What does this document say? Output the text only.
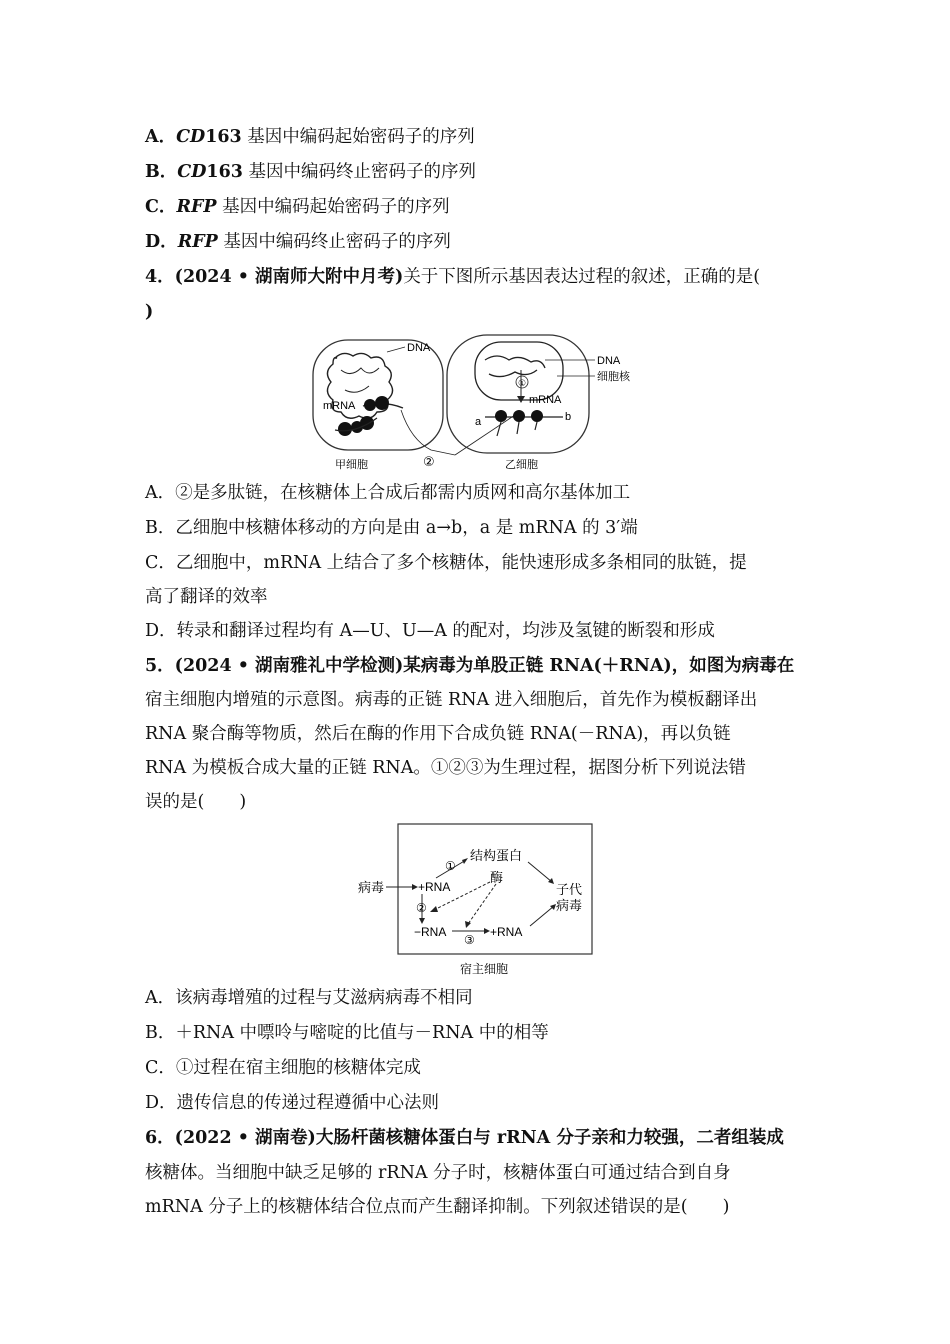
A．CD163 基因中编码起始密码子的序列
B．CD163 基因中编码终止密码子的序列
C．RFP 基因中编码起始密码子的序列
D．RFP 基因中编码终止密码子的序列
4．(2024 • 湖南师大附中月考)关于下图所示基因表达过程的叙述，正确的是(
)
DNA
mRNA
甲细胞	②
DNA
细胞核
①
mRNA
a	b
乙细胞
A．②是多肽链，在核糖体上合成后都需内质网和高尔基体加工
B．乙细胞中核糖体移动的方向是由 a→b，a 是 mRNA 的 3′端
C．乙细胞中，mRNA 上结合了多个核糖体，能快速形成多条相同的肽链，提
高了翻译的效率
D．转录和翻译过程均有 A—U、U—A 的配对，均涉及氢键的断裂和形成
5．(2024 • 湖南雅礼中学检测)某病毒为单股正链 RNA(＋RNA)，如图为病毒在
宿主细胞内增殖的示意图。病毒的正链 RNA 进入细胞后，首先作为模板翻译出
RNA 聚合酶等物质，然后在酶的作用下合成负链 RNA(－RNA)，再以负链
RNA 为模板合成大量的正链 RNA。①②③为生理过程，据图分析下列说法错
误的是(　　)
病毒	+RNA
结构蛋白
酶
①
②
−RNA
③
+RNA
子代
病毒
宿主细胞
A．该病毒增殖的过程与艾滋病病毒不相同
B．＋RNA 中嘌呤与嘧啶的比值与－RNA 中的相等
C．①过程在宿主细胞的核糖体完成
D．遗传信息的传递过程遵循中心法则
6．(2022 • 湖南卷)大肠杆菌核糖体蛋白与 rRNA 分子亲和力较强，二者组装成
核糖体。当细胞中缺乏足够的 rRNA 分子时，核糖体蛋白可通过结合到自身
mRNA 分子上的核糖体结合位点而产生翻译抑制。下列叙述错误的是(　　)
